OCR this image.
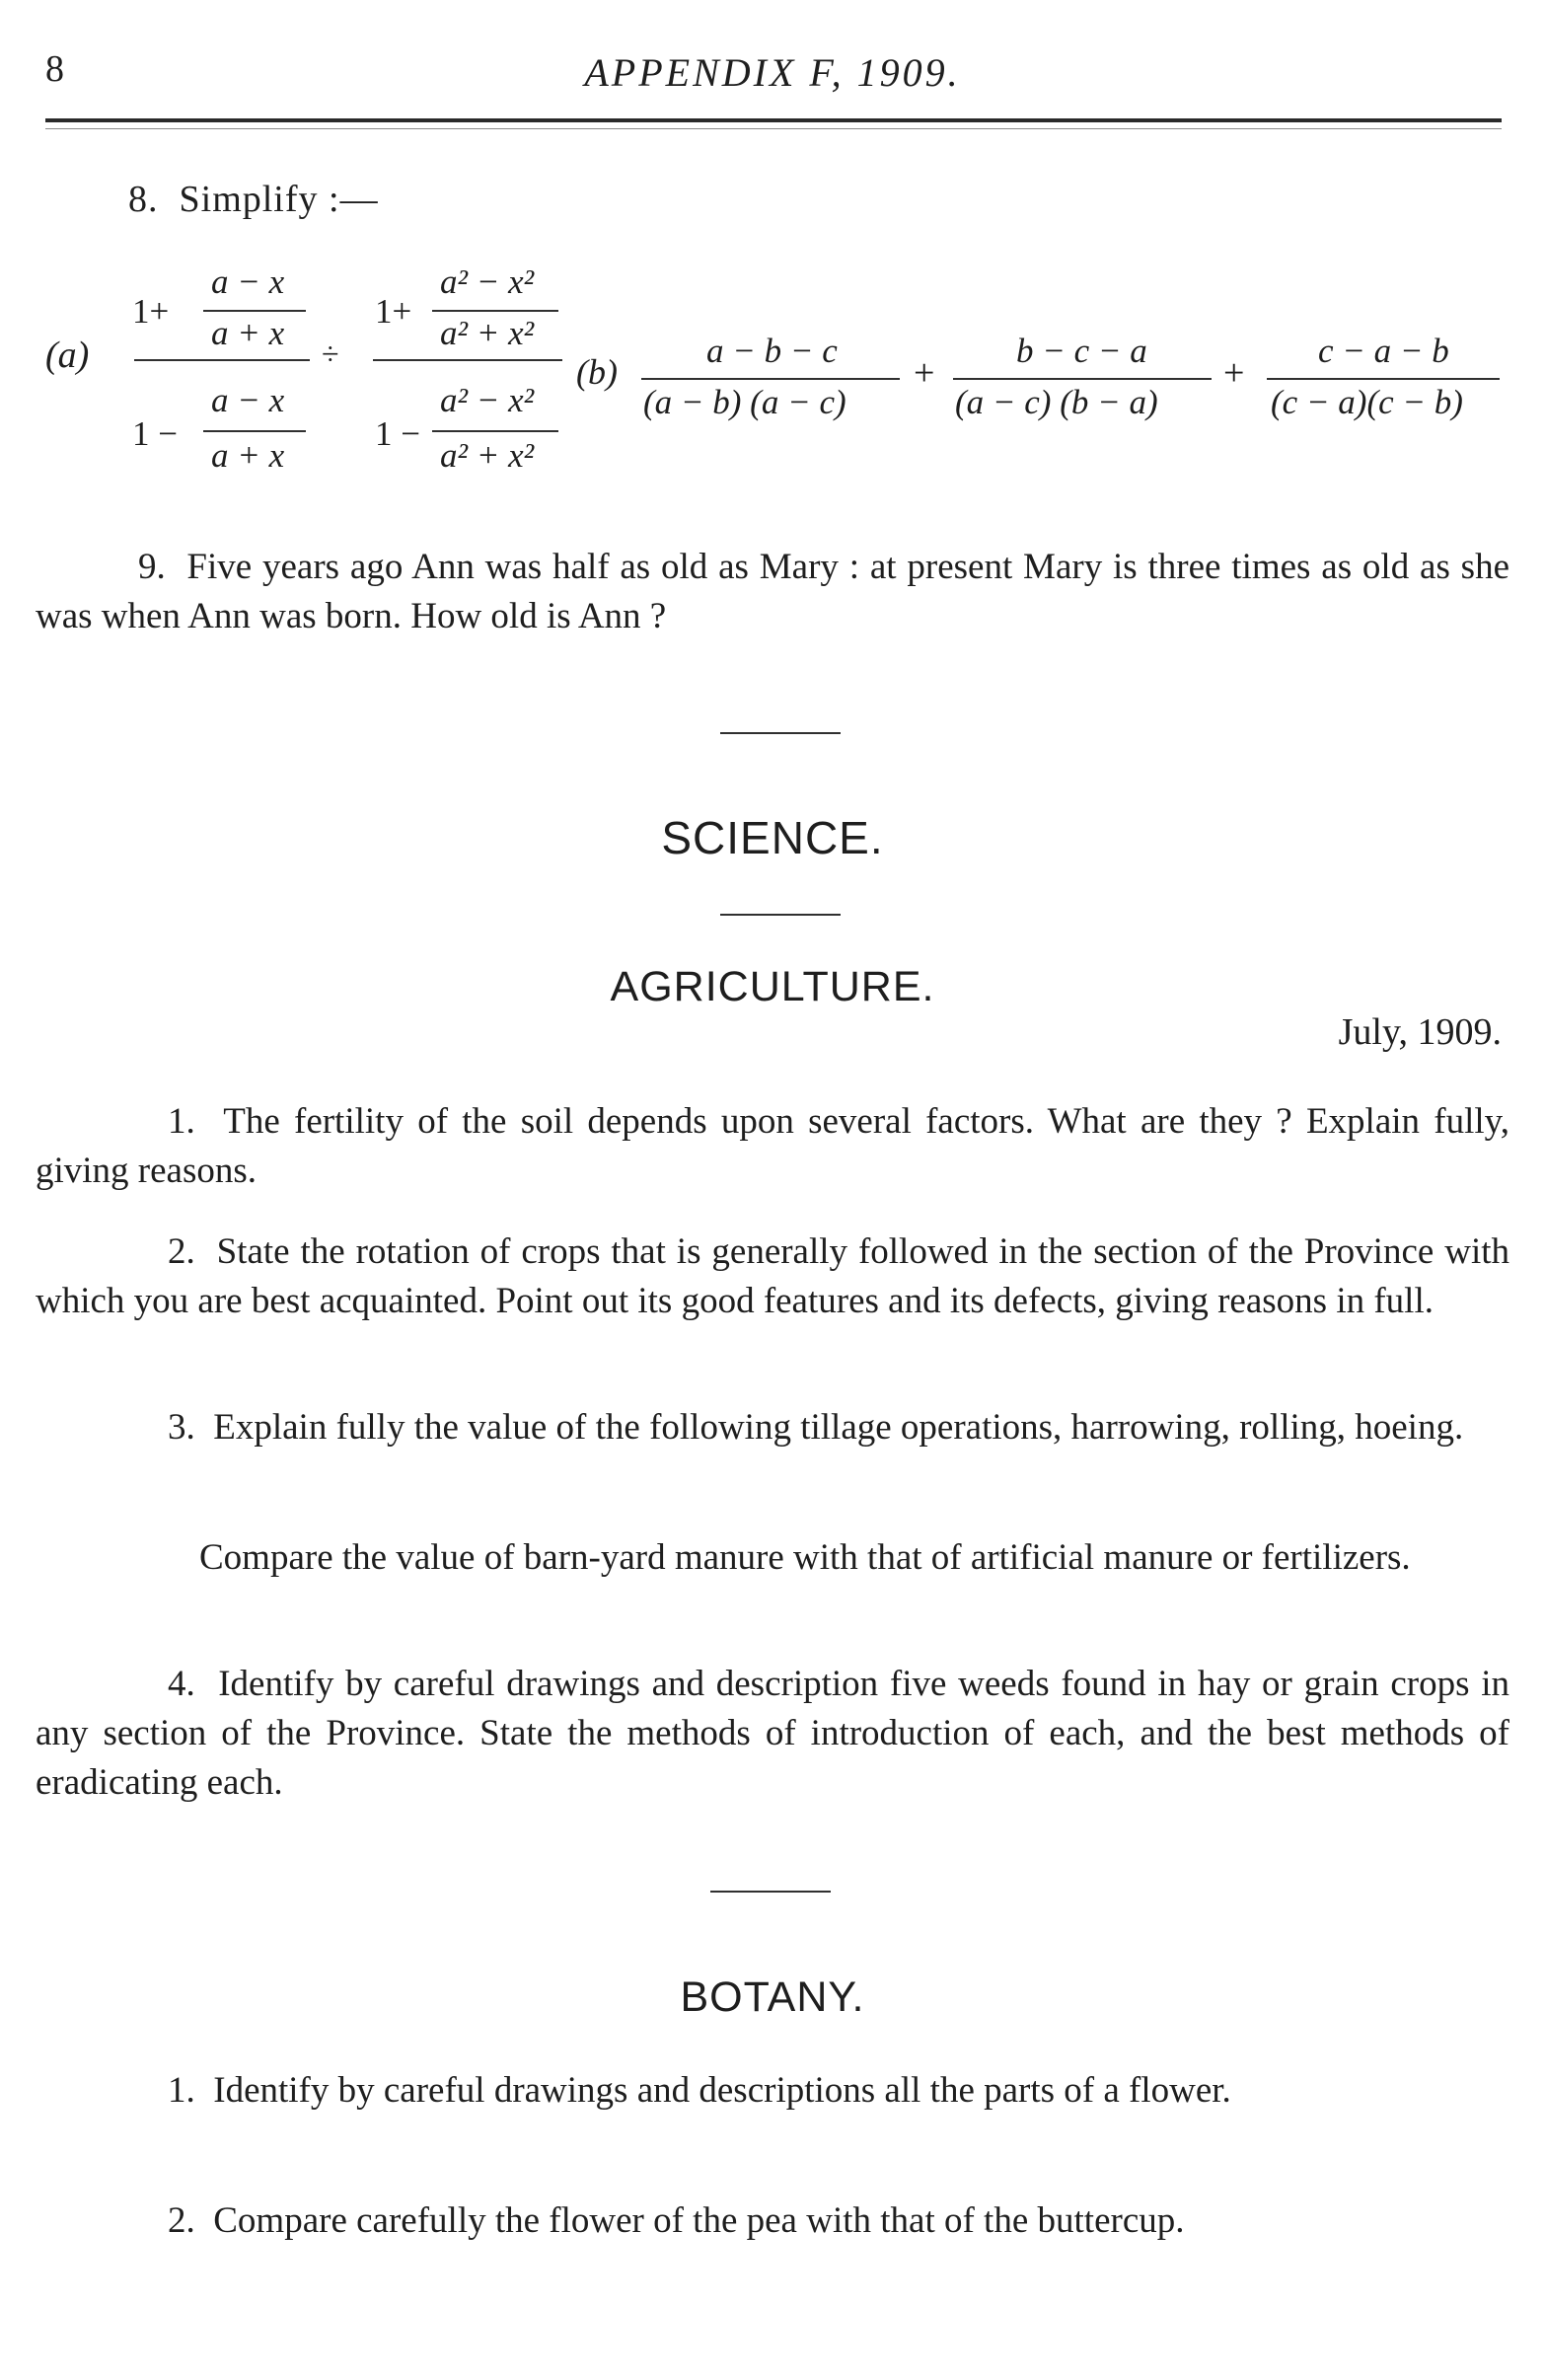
8	APPENDIX F, 1909.
8. Simplify :—
(a)
1+
a − x
a + x
1 −
a − x
a + x
÷
1+
a² − x²
a² + x²
1 −
a² − x²
a² + x²
(b)
a − b − c
(a − b) (a − c)
+
b − c − a
(a − c) (b − a)
+
c − a − b
(c − a)(c − b)
9. Five years ago Ann was half as old as Mary : at present Mary is three times as old as she was when Ann was born. How old is Ann ?
SCIENCE.
AGRICULTURE.
July, 1909.
1. The fertility of the soil depends upon several factors. What are they ? Explain fully, giving reasons.
2. State the rotation of crops that is generally followed in the section of the Province with which you are best acquainted. Point out its good features and its defects, giving reasons in full.
3. Explain fully the value of the following tillage operations, harrowing, rolling, hoeing.
Compare the value of barn-yard manure with that of artificial manure or fertilizers.
4. Identify by careful drawings and description five weeds found in hay or grain crops in any section of the Province. State the methods of introduction of each, and the best methods of eradicating each.
BOTANY.
1. Identify by careful drawings and descriptions all the parts of a flower.
2. Compare carefully the flower of the pea with that of the buttercup.
